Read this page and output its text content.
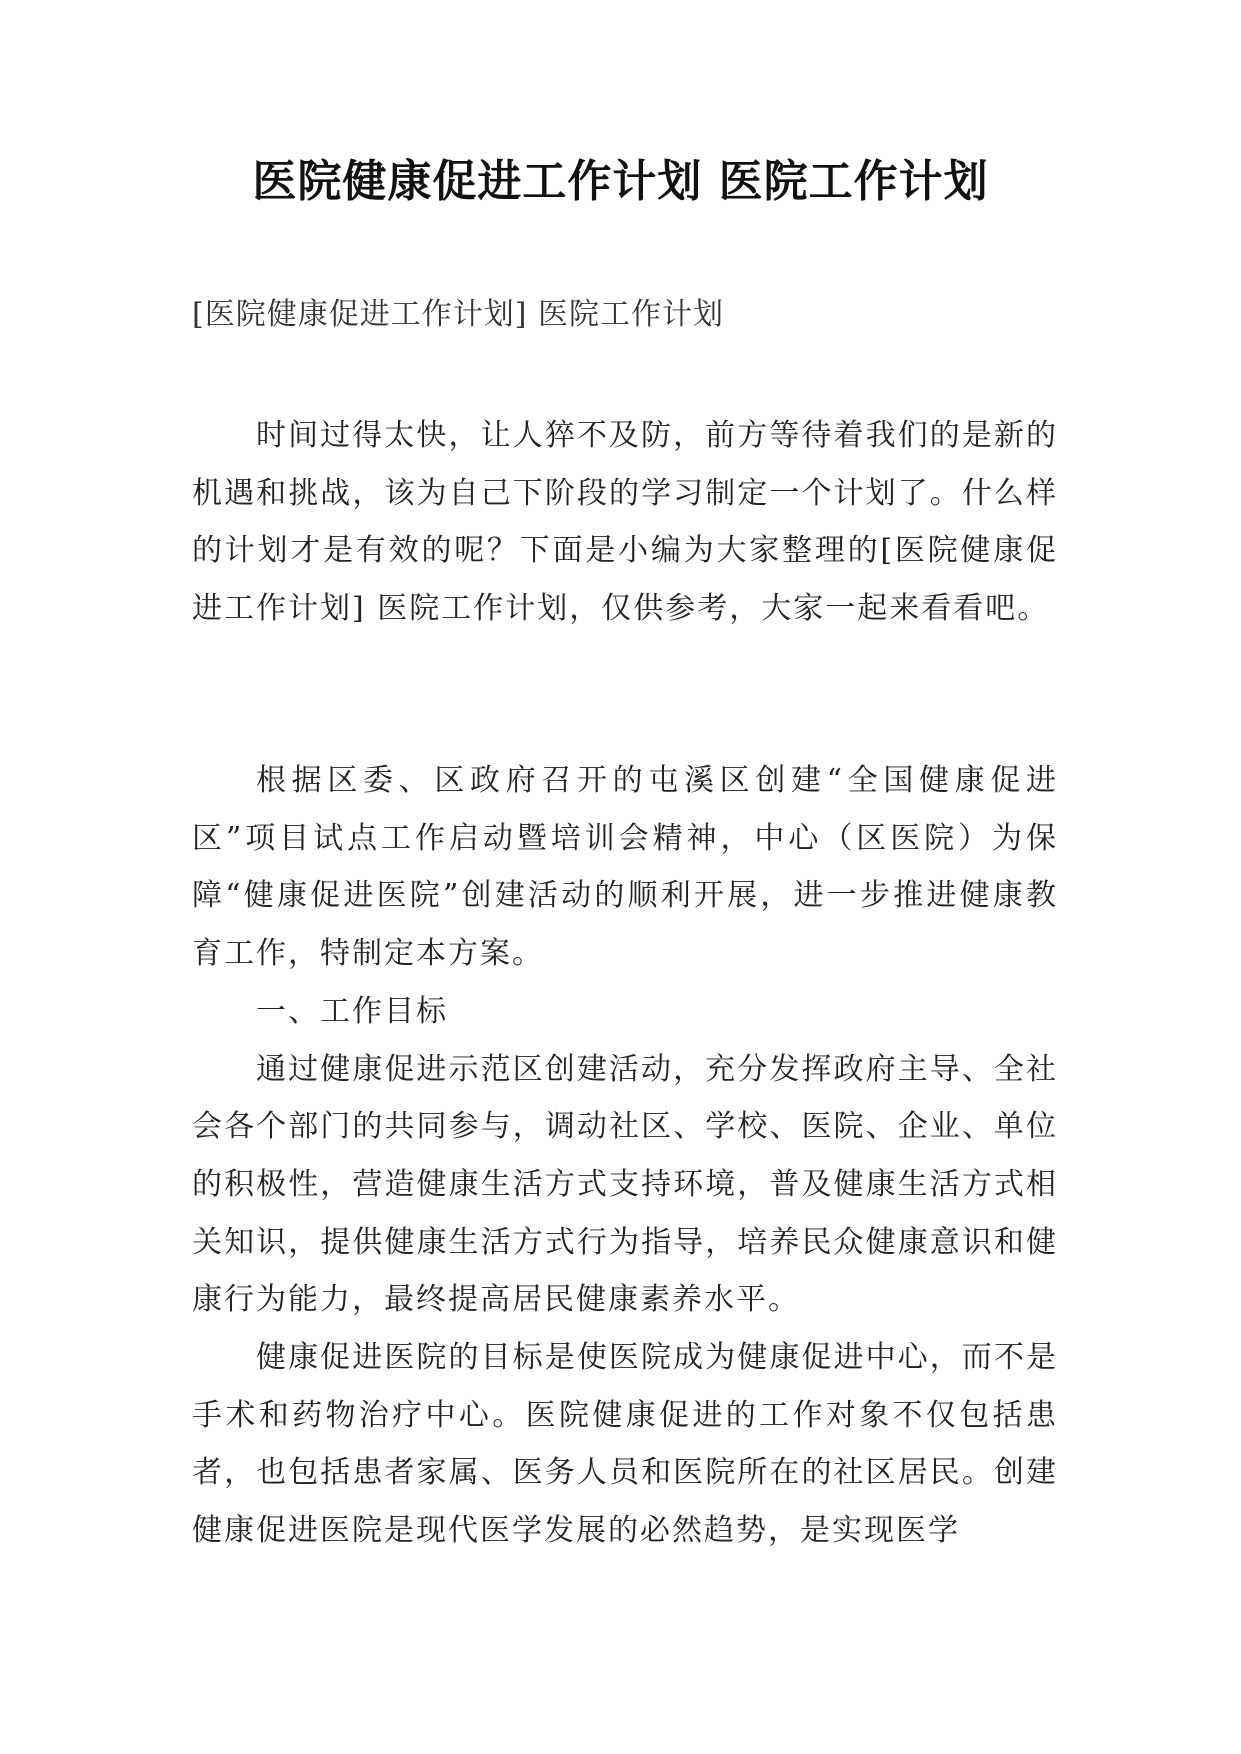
医院健康促进工作计划 医院工作计划

[医院健康促进工作计划] 医院工作计划

时间过得太快，让人猝不及防，前方等待着我们的是新的机遇和挑战，该为自己下阶段的学习制定一个计划了。什么样的计划才是有效的呢？下面是小编为大家整理的[医院健康促进工作计划] 医院工作计划，仅供参考，大家一起来看看吧。

根据区委、区政府召开的屯溪区创建“全国健康促进区”项目试点工作启动暨培训会精神，中心（区医院）为保障“健康促进医院”创建活动的顺利开展，进一步推进健康教育工作，特制定本方案。

一、工作目标

通过健康促进示范区创建活动，充分发挥政府主导、全社会各个部门的共同参与，调动社区、学校、医院、企业、单位的积极性，营造健康生活方式支持环境，普及健康生活方式相关知识，提供健康生活方式行为指导，培养民众健康意识和健康行为能力，最终提高居民健康素养水平。

健康促进医院的目标是使医院成为健康促进中心，而不是手术和药物治疗中心。医院健康促进的工作对象不仅包括患者，也包括患者家属、医务人员和医院所在的社区居民。创建健康促进医院是现代医学发展的必然趋势，是实现医学
